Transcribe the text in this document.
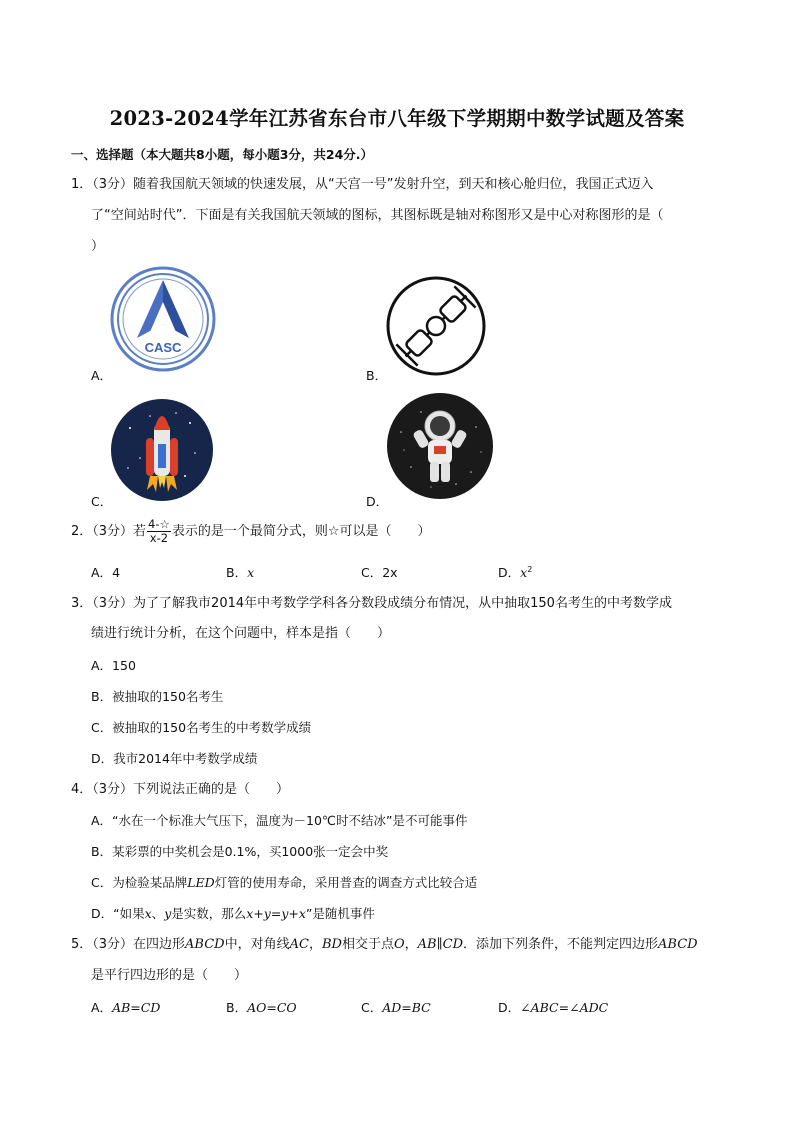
2023-2024学年江苏省东台市八年级下学期期中数学试题及答案
一、选择题（本大题共8小题，每小题3分，共24分.）
1．（3分）随着我国航天领域的快速发展，从“天宫一号”发射升空，到天和核心舱归位，我国正式迈入
了“空间站时代”．下面是有关我国航天领域的图标，其图标既是轴对称图形又是中心对称图形的是（
）
A．
CASC
B．
C．	D．
2．（3分）若 $\frac{4-☆}{x-2}$ 表示的是一个最简分式，则☆可以是（　　）
A．4	B．x	C．2x	D．$x^2$
3．（3分）为了了解我市2014年中考数学学科各分数段成绩分布情况，从中抽取150名考生的中考数学成
绩进行统计分析，在这个问题中，样本是指（　　）
A．150
B．被抽取的150名考生
C．被抽取的150名考生的中考数学成绩
D．我市2014年中考数学成绩
4．（3分）下列说法正确的是（　　）
A．“水在一个标准大气压下，温度为－10℃时不结冰”是不可能事件
B．某彩票的中奖机会是0.1%，买1000张一定会中奖
C．为检验某品牌LED灯管的使用寿命，采用普查的调查方式比较合适
D．“如果x、y是实数，那么x+y=y+x”是随机事件
5．（3分）在四边形ABCD中，对角线AC，BD相交于点O，AB∥CD．添加下列条件，不能判定四边形ABCD
是平行四边形的是（　　）
A．AB=CD	B．AO=CO	C．AD=BC	D．∠ABC=∠ADC
